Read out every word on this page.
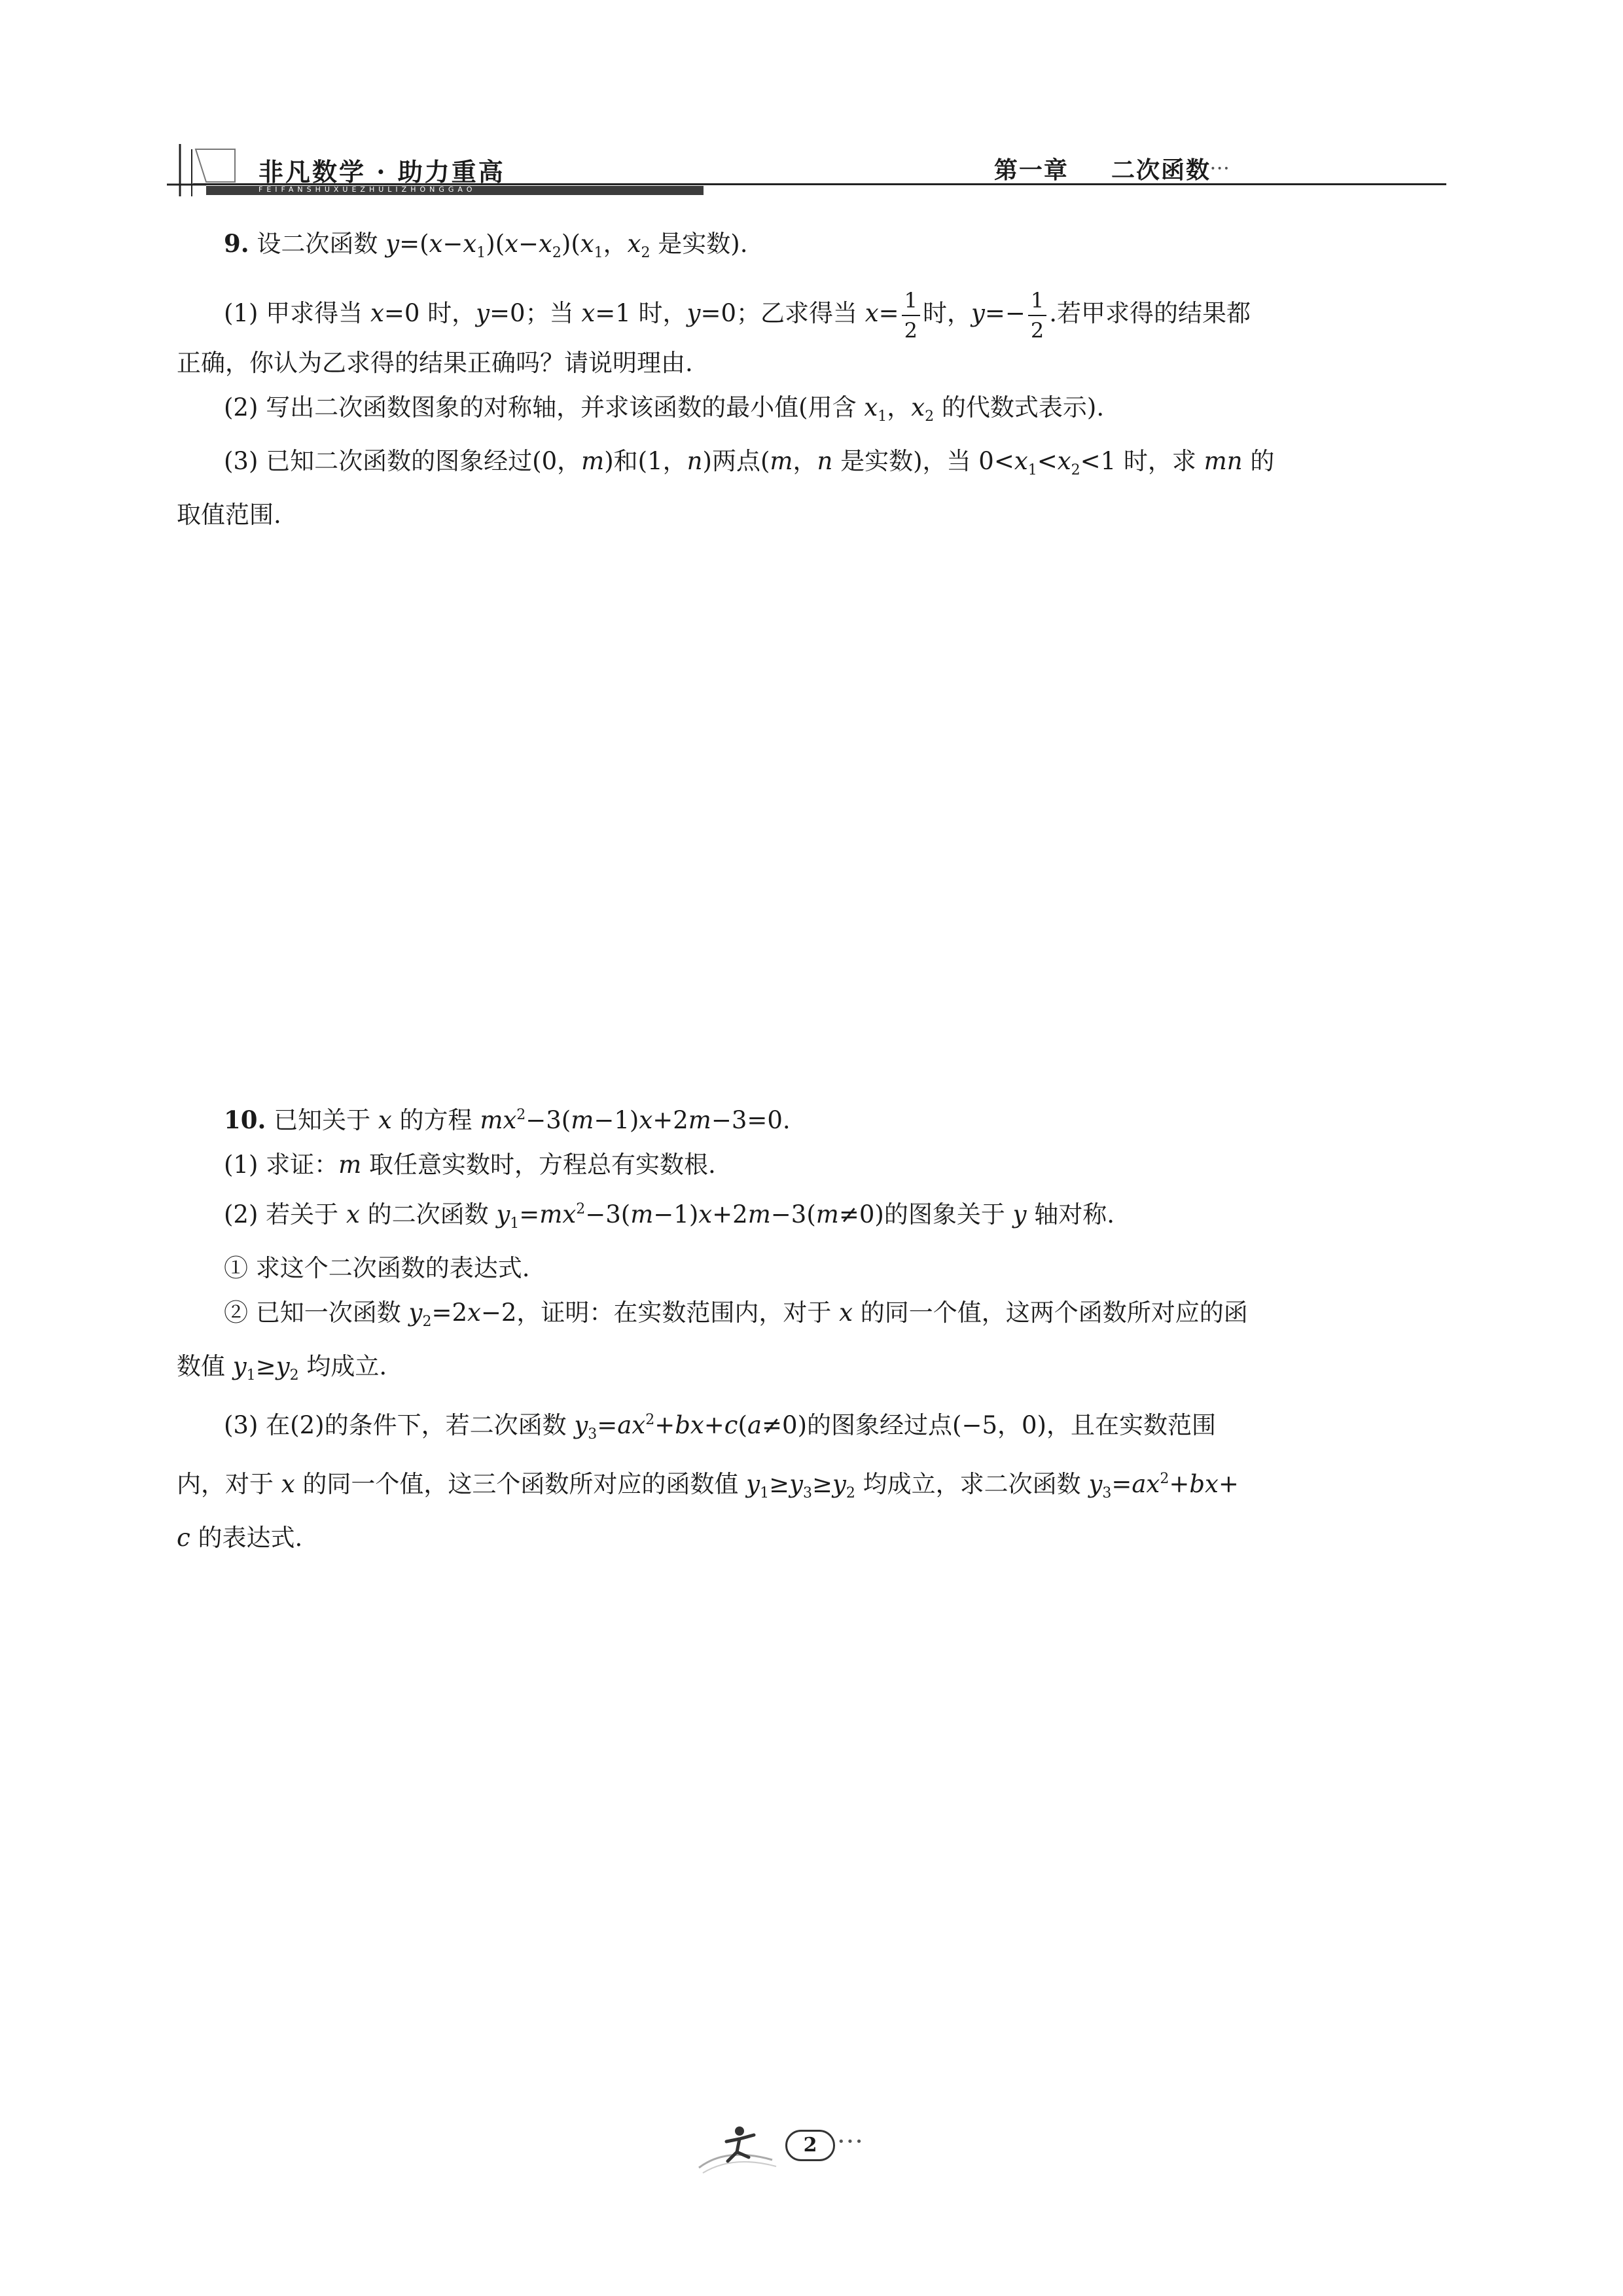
FEIFANSHUXUEZHULIZHONGGAO
非凡数学 · 助力重高	第一章 二次函数 •••
9. 设二次函数 $y=(x-x_1)(x-x_2)(x_1$，$x_2$ 是实数).
(1) 甲求得当 x=0 时，y=0；当 x=1 时，y=0；乙求得当 $x= \frac{1}{2}$ 时，$y=- \frac{1}{2}$ .若甲求得的结果都
正确，你认为乙求得的结果正确吗？请说明理由.
(2) 写出二次函数图象的对称轴，并求该函数的最小值(用含 $x_1$，$x_2$ 的代数式表示).
(3) 已知二次函数的图象经过(0，m)和(1，n)两点(m，n 是实数)，当 $0<x_1<x_2<1$ 时，求 mn 的
取值范围.
10. 已知关于 x 的方程 $mx^2-3(m-1)x+2m-3=0$.
(1) 求证：m 取任意实数时，方程总有实数根.
(2) 若关于 x 的二次函数 $y_1=mx^2-3(m-1)x+2m-3(m\ne 0)$的图象关于 y 轴对称.
① 求这个二次函数的表达式.
② 已知一次函数 $y_2=2x-2$，证明：在实数范围内，对于 x 的同一个值，这两个函数所对应的函
数值 $y_1\ge y_2$ 均成立.
(3) 在(2)的条件下，若二次函数 $y_3=ax^2+bx+c(a\ne 0)$的图象经过点(−5，0)，且在实数范围
内，对于 x 的同一个值，这三个函数所对应的函数值 $y_1\ge y_3\ge y_2$ 均成立，求二次函数 $y_3=ax^2+bx+$
c 的表达式.
2	•••
